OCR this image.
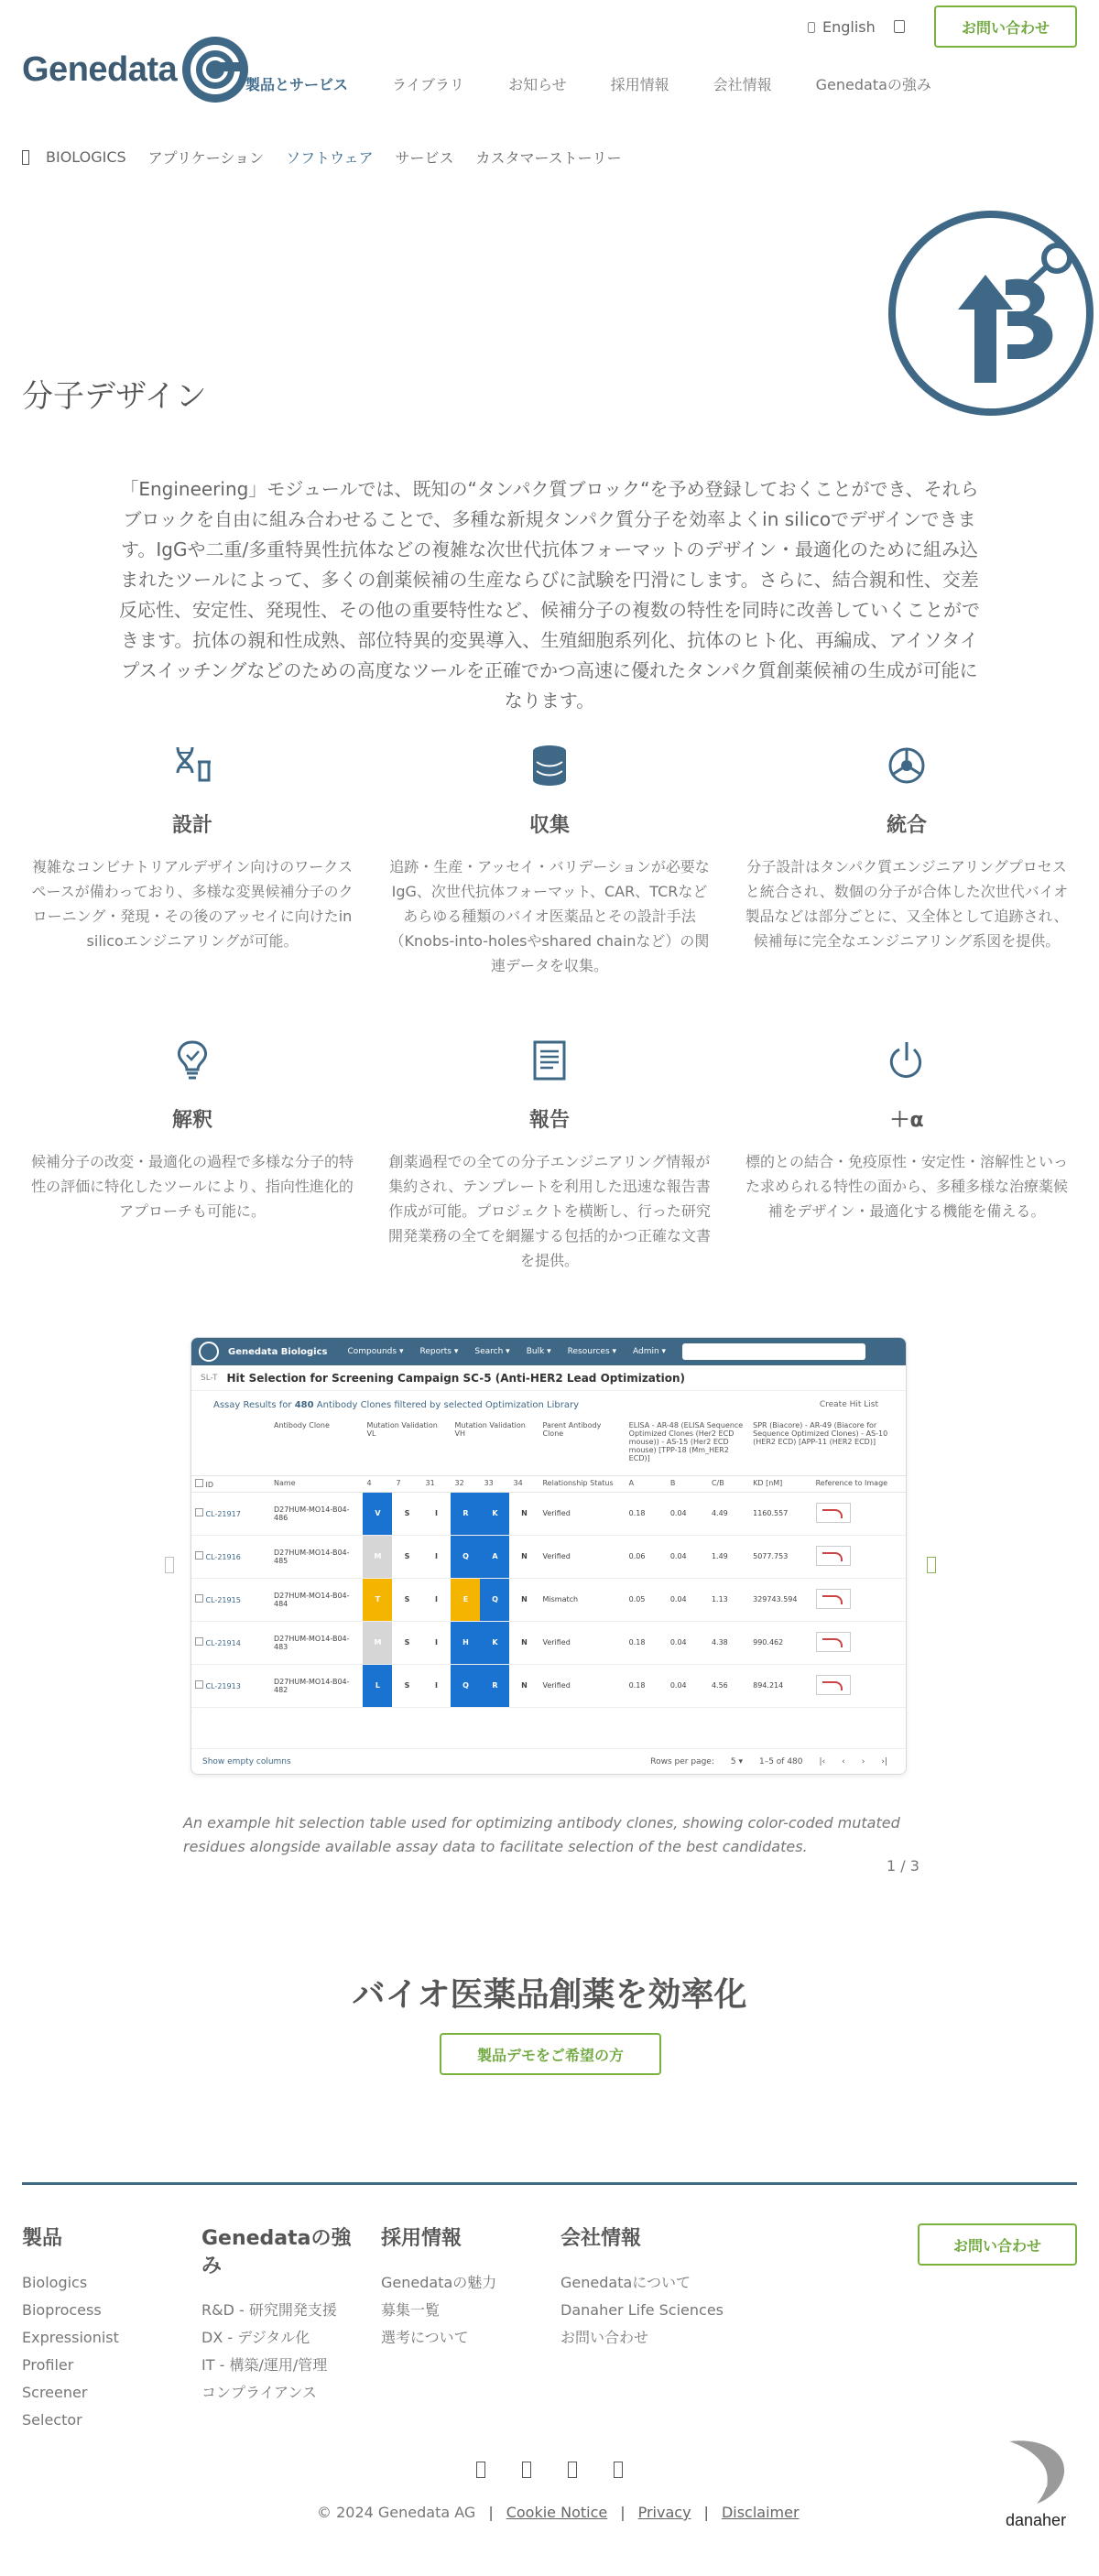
English	お問い合わせ
Genedata	製品とサービス	ライブラリ	お知らせ	採用情報	会社情報	Genedataの強み
BIOLOGICS アプリケーション ソフトウェア サービス カスタマーストーリー
分子デザイン

「Engineering」モジュールでは、既知の“タンパク質ブロック“を予め登録しておくことができ、それらブロックを自由に組み合わせることで、多種な新規タンパク質分子を効率よくin silicoでデザインできます。IgGや二重/多重特異性抗体などの複雑な次世代抗体フォーマットのデザイン・最適化のために組み込まれたツールによって、多くの創薬候補の生産ならびに試験を円滑にします。さらに、結合親和性、交差反応性、安定性、発現性、その他の重要特性など、候補分子の複数の特性を同時に改善していくことができます。抗体の親和性成熟、部位特異的変異導入、生殖細胞系列化、抗体のヒト化、再編成、アイソタイプスイッチングなどのための高度なツールを正確でかつ高速に優れたタンパク質創薬候補の生成が可能になります。

設計
複雑なコンビナトリアルデザイン向けのワークスペースが備わっており、多様な変異候補分子のクローニング・発現・その後のアッセイに向けたin silicoエンジニアリングが可能。
収集
追跡・生産・アッセイ・バリデーションが必要なIgG、次世代抗体フォーマット、CAR、TCRなどあらゆる種類のバイオ医薬品とその設計手法（Knobs-into-holesやshared chainなど）の関連データを収集。
統合
分子設計はタンパク質エンジニアリングプロセスと統合され、数個の分子が合体した次世代バイオ製品などは部分ごとに、又全体として追跡され、候補毎に完全なエンジニアリング系図を提供。
解釈
候補分子の改変・最適化の過程で多様な分子的特性の評価に特化したツールにより、指向性進化的アプローチも可能に。
報告
創薬過程での全ての分子エンジニアリング情報が集約され、テンプレートを利用した迅速な報告書作成が可能。プロジェクトを横断し、行った研究開発業務の全てを網羅する包括的かつ正確な文書を提供。
＋α
標的との結合・免疫原性・安定性・溶解性といった求められる特性の面から、多種多様な治療薬候補をデザイン・最適化する機能を備える。
Genedata Biologics Compounds ▾ Reports ▾ Search ▾ Bulk ▾ Resources ▾ Admin ▾
SL-T Hit Selection for Screening Campaign SC-5 (Anti-HER2 Lead Optimization)
Assay Results for
480
Antibody Clones filtered by selected Optimization Library	Create Hit List
	Antibody Clone	Mutation Validation VL			Mutation Validation VH			Parent Antibody Clone	ELISA - AR-48 (ELISA Sequence Optimized Clones (Her2 ECD mouse)) - AS-15 (Her2 ECD mouse) [TPP-18 (Mm_HER2 ECD)]			SPR (Biacore) - AR-49 (Biacore for Sequence Optimized Clones) - AS-10 (HER2 ECD) [APP-11 (HER2 ECD)]	
ID	Name	4	7	31	32	33	34	Relationship Status	A	B	C/B	KD [nM]	Reference to Image
CL-21917	D27HUM-MO14-B04-486	V	S	I	R	K	N	Verified	0.18	0.04	4.49	1160.557	
CL-21916	D27HUM-MO14-B04-485	M	S	I	Q	A	N	Verified	0.06	0.04	1.49	5077.753	
CL-21915	D27HUM-MO14-B04-484	T	S	I	E	Q	N	Mismatch	0.05	0.04	1.13	329743.594	
CL-21914	D27HUM-MO14-B04-483	M	S	I	H	K	N	Verified	0.18	0.04	4.38	990.462	
CL-21913	D27HUM-MO14-B04-482	L	S	I	Q	R	N	Verified	0.18	0.04	4.56	894.214	
Show empty columns	Rows per page: 5 ▾ 1–5 of 480 |‹ ‹ › ›|

An example hit selection table used for optimizing antibody clones, showing color-coded mutated residues alongside available assay data to facilitate selection of the best candidates.

1 / 3
バイオ医薬品創薬を効率化
製品デモをご希望の方
製品
Biologics
Bioprocess
Expressionist
Profiler
Screener
Selector
Genedataの強み
R&D - 研究開発支援
DX - デジタル化
IT - 構築/運用/管理
コンプライアンス
採用情報
Genedataの魅力
募集一覧
選考について
会社情報
Genedataについて
Danaher Life Sciences
お問い合わせ
お問い合わせ
© 2024 Genedata AG | Cookie Notice | Privacy | Disclaimer	danaher
